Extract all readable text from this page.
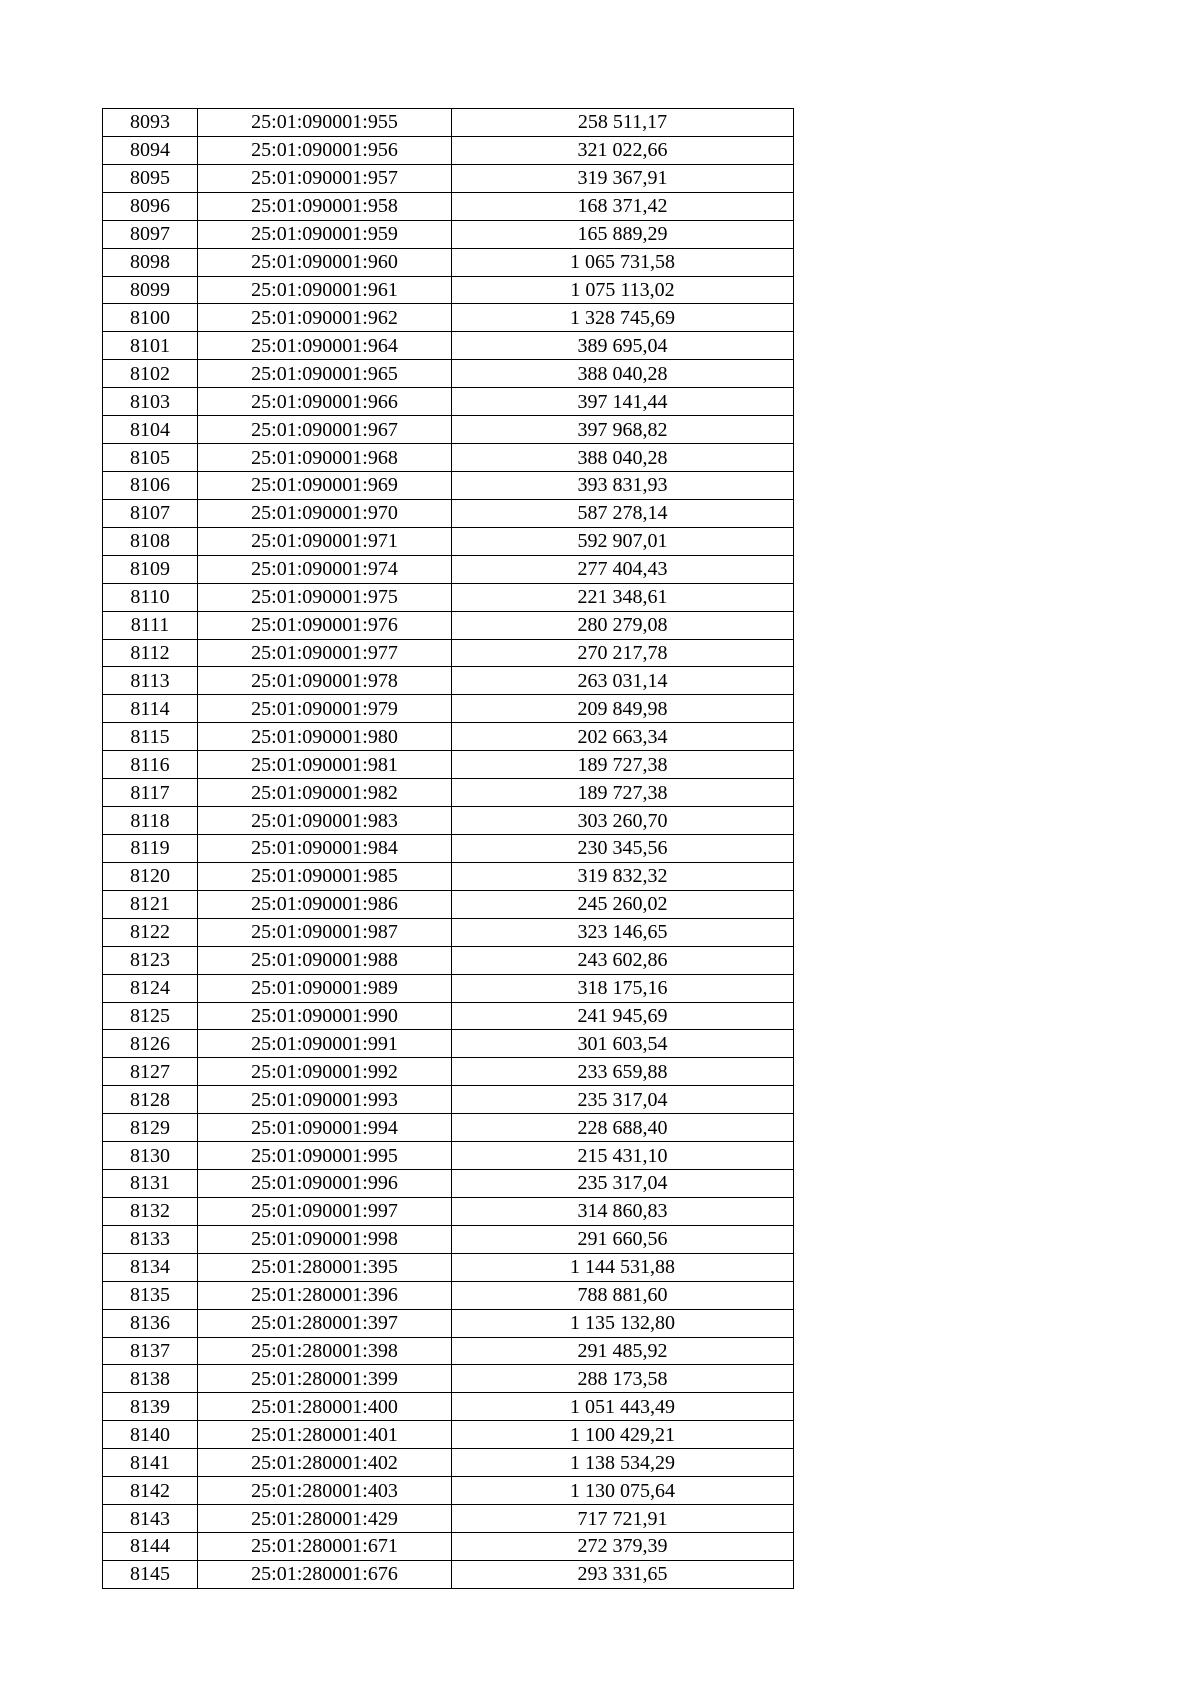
8093	25:01:090001:955	258 511,17
8094	25:01:090001:956	321 022,66
8095	25:01:090001:957	319 367,91
8096	25:01:090001:958	168 371,42
8097	25:01:090001:959	165 889,29
8098	25:01:090001:960	1 065 731,58
8099	25:01:090001:961	1 075 113,02
8100	25:01:090001:962	1 328 745,69
8101	25:01:090001:964	389 695,04
8102	25:01:090001:965	388 040,28
8103	25:01:090001:966	397 141,44
8104	25:01:090001:967	397 968,82
8105	25:01:090001:968	388 040,28
8106	25:01:090001:969	393 831,93
8107	25:01:090001:970	587 278,14
8108	25:01:090001:971	592 907,01
8109	25:01:090001:974	277 404,43
8110	25:01:090001:975	221 348,61
8111	25:01:090001:976	280 279,08
8112	25:01:090001:977	270 217,78
8113	25:01:090001:978	263 031,14
8114	25:01:090001:979	209 849,98
8115	25:01:090001:980	202 663,34
8116	25:01:090001:981	189 727,38
8117	25:01:090001:982	189 727,38
8118	25:01:090001:983	303 260,70
8119	25:01:090001:984	230 345,56
8120	25:01:090001:985	319 832,32
8121	25:01:090001:986	245 260,02
8122	25:01:090001:987	323 146,65
8123	25:01:090001:988	243 602,86
8124	25:01:090001:989	318 175,16
8125	25:01:090001:990	241 945,69
8126	25:01:090001:991	301 603,54
8127	25:01:090001:992	233 659,88
8128	25:01:090001:993	235 317,04
8129	25:01:090001:994	228 688,40
8130	25:01:090001:995	215 431,10
8131	25:01:090001:996	235 317,04
8132	25:01:090001:997	314 860,83
8133	25:01:090001:998	291 660,56
8134	25:01:280001:395	1 144 531,88
8135	25:01:280001:396	788 881,60
8136	25:01:280001:397	1 135 132,80
8137	25:01:280001:398	291 485,92
8138	25:01:280001:399	288 173,58
8139	25:01:280001:400	1 051 443,49
8140	25:01:280001:401	1 100 429,21
8141	25:01:280001:402	1 138 534,29
8142	25:01:280001:403	1 130 075,64
8143	25:01:280001:429	717 721,91
8144	25:01:280001:671	272 379,39
8145	25:01:280001:676	293 331,65
